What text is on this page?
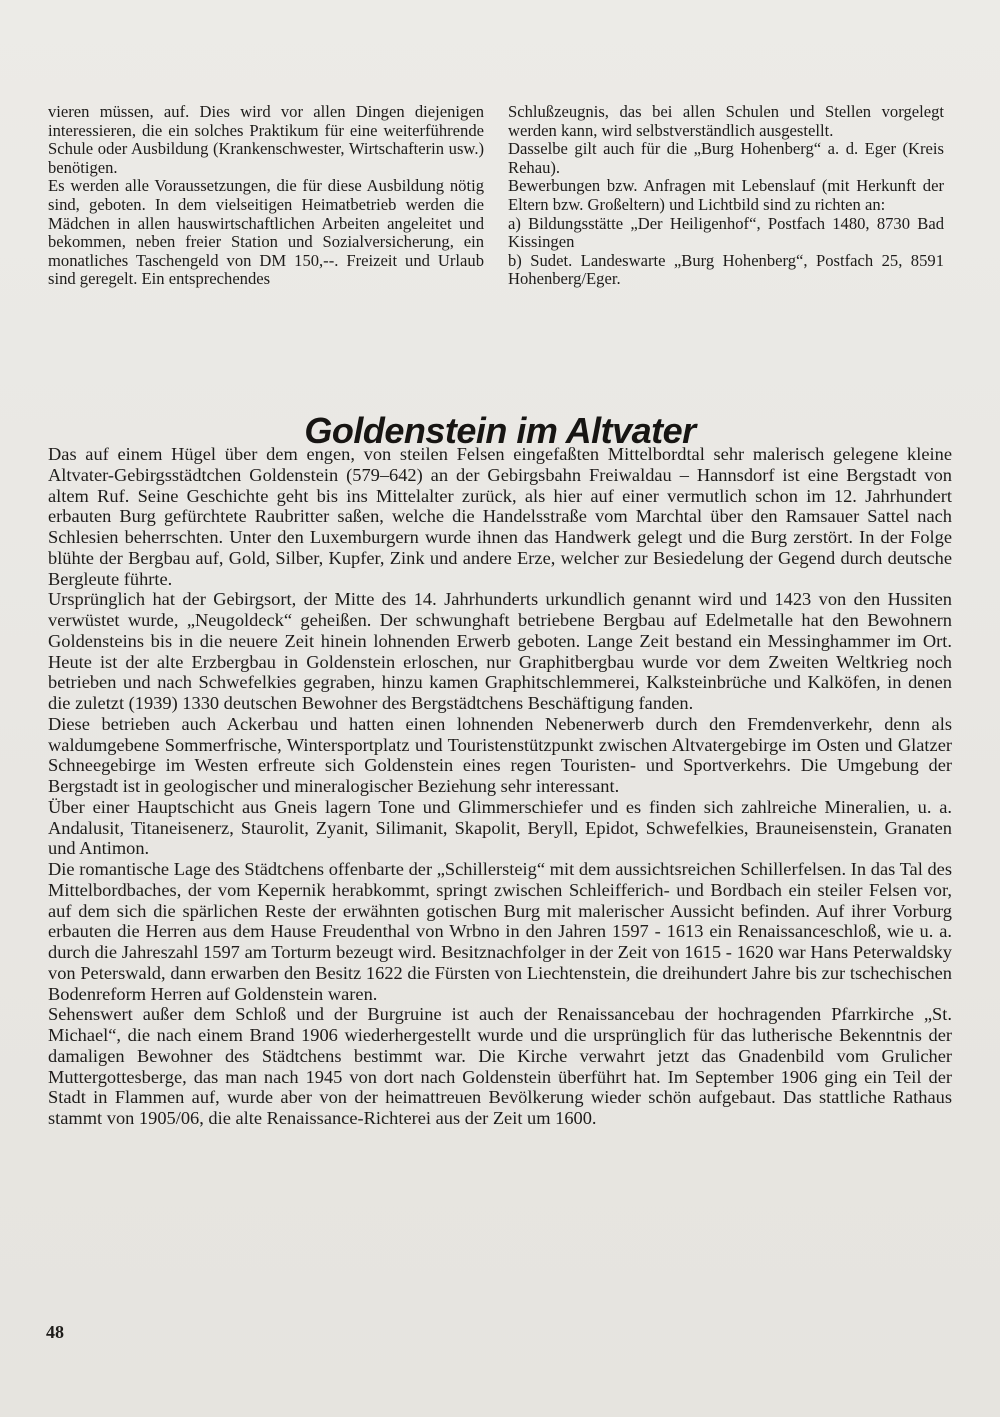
vieren müssen, auf. Dies wird vor allen Dingen diejenigen interessieren, die ein solches Praktikum für eine weiterführende Schule oder Ausbildung (Krankenschwester, Wirtschafterin usw.) benötigen.

Es werden alle Voraussetzungen, die für diese Ausbildung nötig sind, geboten. In dem vielseitigen Heimatbetrieb werden die Mädchen in allen hauswirtschaftlichen Arbeiten angeleitet und bekommen, neben freier Station und Sozialversicherung, ein monatliches Taschengeld von DM 150,--. Freizeit und Urlaub sind geregelt. Ein entsprechendes

Schlußzeugnis, das bei allen Schulen und Stellen vorgelegt werden kann, wird selbstverständlich ausgestellt.

Dasselbe gilt auch für die „Burg Hohenberg“ a. d. Eger (Kreis Rehau).

Bewerbungen bzw. Anfragen mit Lebenslauf (mit Herkunft der Eltern bzw. Großeltern) und Lichtbild sind zu richten an:

a) Bildungsstätte „Der Heiligenhof“, Postfach 1480, 8730 Bad Kissingen

b) Sudet. Landeswarte „Burg Hohenberg“, Postfach 25, 8591 Hohenberg/Eger.

Goldenstein im Altvater

Das auf einem Hügel über dem engen, von steilen Felsen eingefaßten Mittelbordtal sehr malerisch gelegene kleine Altvater-Gebirgsstädtchen Goldenstein (579–642) an der Gebirgsbahn Freiwaldau – Hannsdorf ist eine Bergstadt von altem Ruf. Seine Geschichte geht bis ins Mittelalter zurück, als hier auf einer vermutlich schon im 12. Jahrhundert erbauten Burg gefürchtete Raubritter saßen, welche die Handelsstraße vom Marchtal über den Ramsauer Sattel nach Schlesien beherrschten. Unter den Luxemburgern wurde ihnen das Handwerk gelegt und die Burg zerstört. In der Folge blühte der Bergbau auf, Gold, Silber, Kupfer, Zink und andere Erze, welcher zur Besiedelung der Gegend durch deutsche Bergleute führte.

Ursprünglich hat der Gebirgsort, der Mitte des 14. Jahrhunderts urkundlich genannt wird und 1423 von den Hussiten verwüstet wurde, „Neugoldeck“ geheißen. Der schwunghaft betriebene Bergbau auf Edelmetalle hat den Bewohnern Goldensteins bis in die neuere Zeit hinein lohnenden Erwerb geboten. Lange Zeit bestand ein Messinghammer im Ort. Heute ist der alte Erzbergbau in Goldenstein erloschen, nur Graphitbergbau wurde vor dem Zweiten Weltkrieg noch betrieben und nach Schwefelkies gegraben, hinzu kamen Graphitschlemmerei, Kalksteinbrüche und Kalköfen, in denen die zuletzt (1939) 1330 deutschen Bewohner des Bergstädtchens Beschäftigung fanden.

Diese betrieben auch Ackerbau und hatten einen lohnenden Nebenerwerb durch den Fremdenverkehr, denn als waldumgebene Sommerfrische, Wintersportplatz und Touristenstützpunkt zwischen Altvatergebirge im Osten und Glatzer Schneegebirge im Westen erfreute sich Goldenstein eines regen Touristen- und Sportverkehrs. Die Umgebung der Bergstadt ist in geologischer und mineralogischer Beziehung sehr interessant.

Über einer Hauptschicht aus Gneis lagern Tone und Glimmerschiefer und es finden sich zahlreiche Mineralien, u. a. Andalusit, Titaneisenerz, Staurolit, Zyanit, Silimanit, Skapolit, Beryll, Epidot, Schwefelkies, Brauneisenstein, Granaten und Antimon.

Die romantische Lage des Städtchens offenbarte der „Schillersteig“ mit dem aussichtsreichen Schillerfelsen. In das Tal des Mittelbordbaches, der vom Kepernik herabkommt, springt zwischen Schleifferich- und Bordbach ein steiler Felsen vor, auf dem sich die spärlichen Reste der erwähnten gotischen Burg mit malerischer Aussicht befinden. Auf ihrer Vorburg erbauten die Herren aus dem Hause Freudenthal von Wrbno in den Jahren 1597 - 1613 ein Renaissanceschloß, wie u. a. durch die Jahreszahl 1597 am Torturm bezeugt wird. Besitznachfolger in der Zeit von 1615 - 1620 war Hans Peterwaldsky von Peterswald, dann erwarben den Besitz 1622 die Fürsten von Liechtenstein, die dreihundert Jahre bis zur tschechischen Bodenreform Herren auf Goldenstein waren.

Sehenswert außer dem Schloß und der Burgruine ist auch der Renaissancebau der hochragenden Pfarrkirche „St. Michael“, die nach einem Brand 1906 wiederhergestellt wurde und die ursprünglich für das lutherische Bekenntnis der damaligen Bewohner des Städtchens bestimmt war. Die Kirche verwahrt jetzt das Gnadenbild vom Grulicher Muttergottesberge, das man nach 1945 von dort nach Goldenstein überführt hat. Im September 1906 ging ein Teil der Stadt in Flammen auf, wurde aber von der heimattreuen Bevölkerung wieder schön aufgebaut. Das stattliche Rathaus stammt von 1905/06, die alte Renaissance-Richterei aus der Zeit um 1600.

48
